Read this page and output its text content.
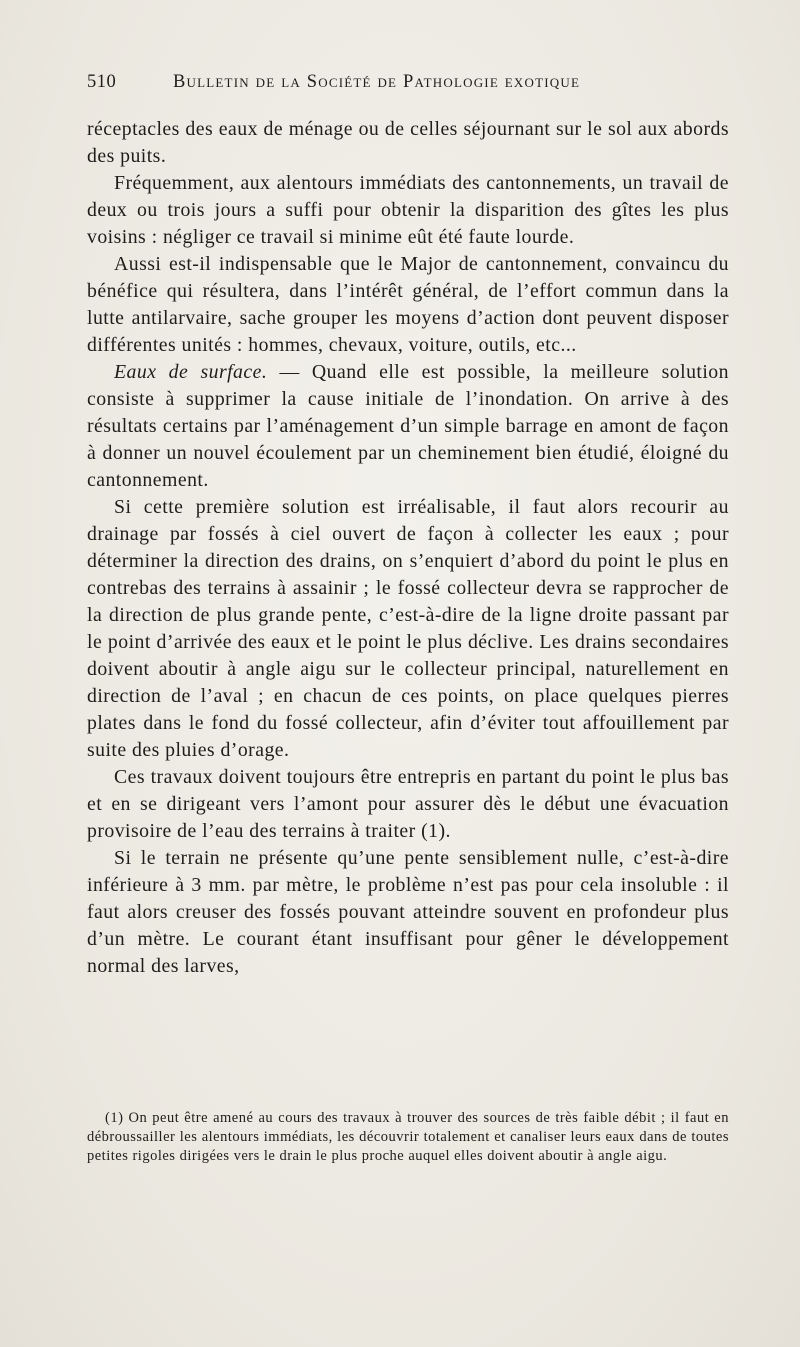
510	Bulletin de la Société de Pathologie exotique

réceptacles des eaux de ménage ou de celles séjournant sur le sol aux abords des puits.

Fréquemment, aux alentours immédiats des cantonnements, un travail de deux ou trois jours a suffi pour obtenir la disparition des gîtes les plus voisins : négliger ce travail si minime eût été faute lourde.

Aussi est-il indispensable que le Major de cantonnement, convaincu du bénéfice qui résultera, dans l’intérêt général, de l’effort commun dans la lutte antilarvaire, sache grouper les moyens d’action dont peuvent disposer différentes unités : hommes, chevaux, voiture, outils, etc...

Eaux de surface. — Quand elle est possible, la meilleure solution consiste à supprimer la cause initiale de l’inondation. On arrive à des résultats certains par l’aménagement d’un simple barrage en amont de façon à donner un nouvel écoulement par un cheminement bien étudié, éloigné du cantonnement.

Si cette première solution est irréalisable, il faut alors recourir au drainage par fossés à ciel ouvert de façon à collecter les eaux ; pour déterminer la direction des drains, on s’enquiert d’abord du point le plus en contrebas des terrains à assainir ; le fossé collecteur devra se rapprocher de la direction de plus grande pente, c’est-à-dire de la ligne droite passant par le point d’arrivée des eaux et le point le plus déclive. Les drains secondaires doivent aboutir à angle aigu sur le collecteur principal, naturellement en direction de l’aval ; en chacun de ces points, on place quelques pierres plates dans le fond du fossé collecteur, afin d’éviter tout affouillement par suite des pluies d’orage.

Ces travaux doivent toujours être entrepris en partant du point le plus bas et en se dirigeant vers l’amont pour assurer dès le début une évacuation provisoire de l’eau des terrains à traiter (1).

Si le terrain ne présente qu’une pente sensiblement nulle, c’est-à-dire inférieure à 3 mm. par mètre, le problème n’est pas pour cela insoluble : il faut alors creuser des fossés pouvant atteindre souvent en profondeur plus d’un mètre. Le courant étant insuffisant pour gêner le développement normal des larves,

(1) On peut être amené au cours des travaux à trouver des sources de très faible débit ; il faut en débroussailler les alentours immédiats, les découvrir totalement et canaliser leurs eaux dans de toutes petites rigoles dirigées vers le drain le plus proche auquel elles doivent aboutir à angle aigu.
